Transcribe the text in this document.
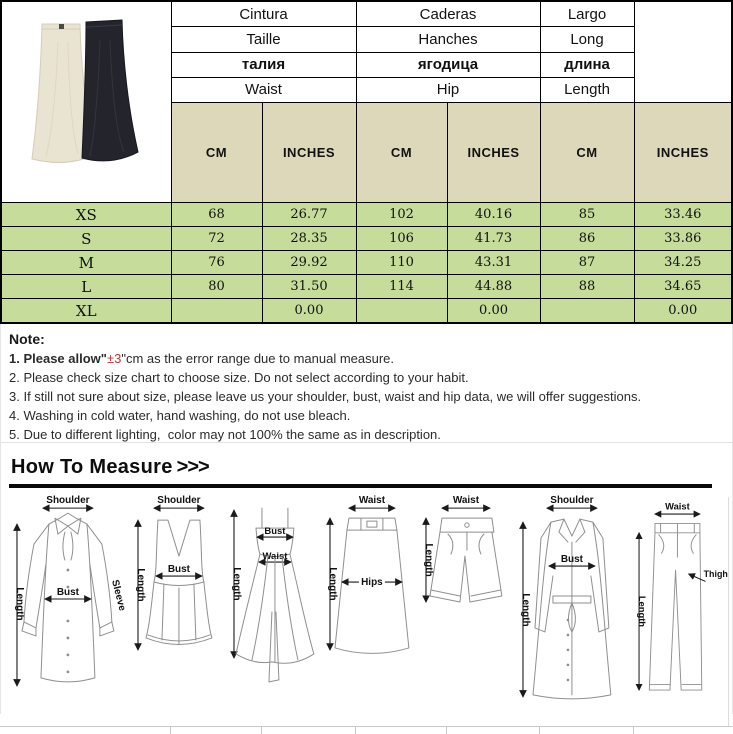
	Cintura		Caderas		Largo	
	Taille		Hanches		Long	
	талия		ягодица		длина	
	Waist		Hip		Length	
	CM	INCHES	CM	INCHES	CM	INCHES
XS	68	26.77	102	40.16	85	33.46
S	72	28.35	106	41.73	86	33.86
M	76	29.92	110	43.31	87	34.25
L	80	31.50	114	44.88	88	34.65
XL		0.00		0.00		0.00
Note:
1. Please allow"±3"cm as the error range due to manual measure.
2. Please check size chart to choose size. Do not select according to your habit.
3. If still not sure about size, please leave us your shoulder, bust, waist and hip data, we will offer suggestions.
4. Washing in cold water, hand washing, do not use bleach.
5. Due to different lighting,  color may not 100% the same as in description.
How To Measure >>>
Shoulder
Length	Sleeve
Bust
Shoulder
Length Bust	Length
Bust
Waist
Waist
Length Hips
Waist
Length
Shoulder
Length
Bust
Waist
Length
Thigh
